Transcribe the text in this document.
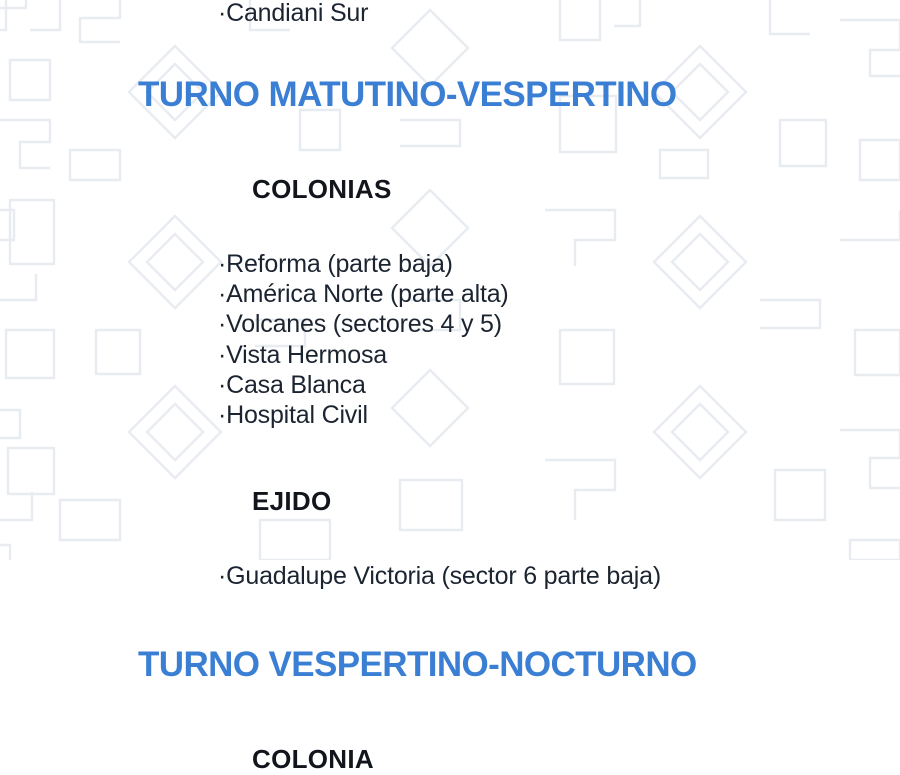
·Candiani Sur
TURNO MATUTINO-VESPERTINO
COLONIAS
·Reforma (parte baja)
·América Norte (parte alta)
·Volcanes (sectores 4 y 5)
·Vista Hermosa
·Casa Blanca
·Hospital Civil
EJIDO
·Guadalupe Victoria (sector 6 parte baja)
TURNO VESPERTINO-NOCTURNO
COLONIA
